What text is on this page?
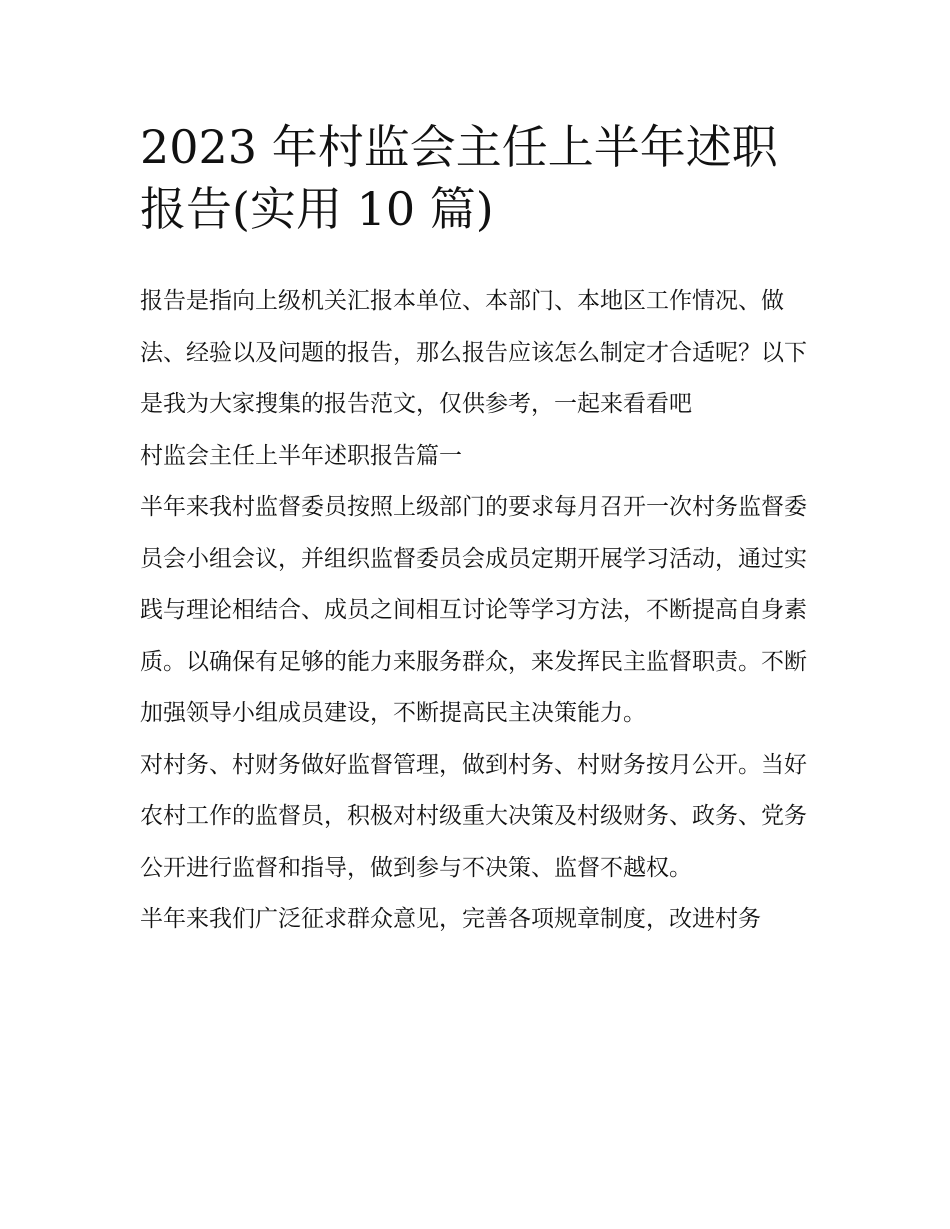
2023 年村监会主任上半年述职
报告(实用 10 篇)

报告是指向上级机关汇报本单位、本部门、本地区工作情况、做法、经验以及问题的报告，那么报告应该怎么制定才合适呢？以下是我为大家搜集的报告范文，仅供参考，一起来看看吧

村监会主任上半年述职报告篇一

半年来我村监督委员按照上级部门的要求每月召开一次村务监督委员会小组会议，并组织监督委员会成员定期开展学习活动，通过实践与理论相结合、成员之间相互讨论等学习方法，不断提高自身素质。以确保有足够的能力来服务群众，来发挥民主监督职责。不断加强领导小组成员建设，不断提高民主决策能力。

对村务、村财务做好监督管理，做到村务、村财务按月公开。当好农村工作的监督员，积极对村级重大决策及村级财务、政务、党务公开进行监督和指导，做到参与不决策、监督不越权。

半年来我们广泛征求群众意见，完善各项规章制度，改进村务
